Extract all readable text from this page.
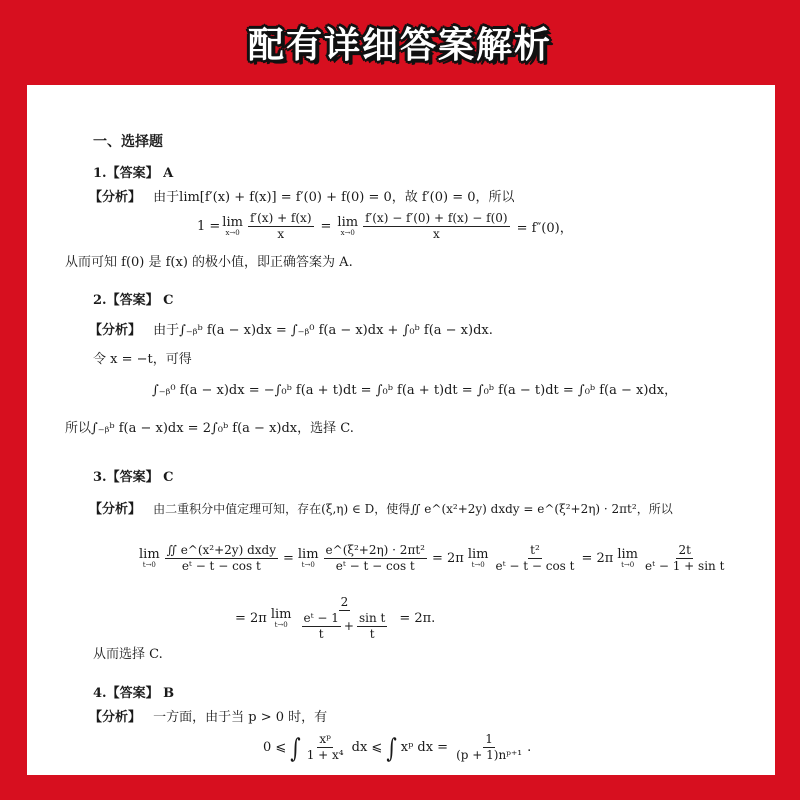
配有详细答案解析
一、选择题
1.【答案】 A
【分析】 由于lim[f′(x) + f(x)] = f′(0) + f(0) = 0，故 f′(0) = 0，所以
1 = lim
$x\to 0 \frac{f'(x) + f(x)}{x} = \lim$
$x\to 0 \frac{f'(x) - f'(0) + f(x) - f(0)}{x} = f''(0)$，
从而可知 f(0) 是 f(x) 的极小值，即正确答案为 A.
2.【答案】 C
【分析】 由于∫₋ᵦᵇ f(a − x)dx = ∫₋ᵦ⁰ f(a − x)dx + ∫₀ᵇ f(a − x)dx.
令 x = −t，可得
∫₋ᵦ⁰ f(a − x)dx = −∫₀ᵇ f(a + t)dt = ∫₀ᵇ f(a + t)dt = ∫₀ᵇ f(a − t)dt = ∫₀ᵇ f(a − x)dx，
所以∫₋ᵦᵇ f(a − x)dx = 2∫₀ᵇ f(a − x)dx，选择 C.
3.【答案】 C
【分析】 由二重积分中值定理可知，存在(ξ,η) ∈ D，使得∬ e^(x²+2y) dxdy = e^(ξ²+2η) · 2πt²，所以
lim
$t\to 0 \frac{\text{∬ e\textasciicircum{}(x²+2y) dxdy}}{\text{eᵗ − t − cos t}} = \lim$
$t\to 0 \frac{\text{e\textasciicircum{}(ξ²+2η) · 2πt²}}{\text{eᵗ − t − cos t}} = 2\pi$ lim
$t\to 0 \frac{\text{t²}}{\text{eᵗ − t − cos t}} = 2\pi$ lim
$t\to 0 \frac{2t}{\text{eᵗ − 1 + sin t}}$
= 2π lim
t→0
2
$\frac{\text{eᵗ − 1}}{t} + \frac{\text{sin t}}{t} = 2\pi$.
从而选择 C.
4.【答案】 B
【分析】 一方面，由于当 p > 0 时，有
0 ⩽ ∫ $\frac{\text{xᵖ}}{\text{1 + x⁴}}$ dx ⩽ ∫ xᵖ dx = $\frac{1}{\text{(p + 1)nᵖ⁺¹}}$ .
